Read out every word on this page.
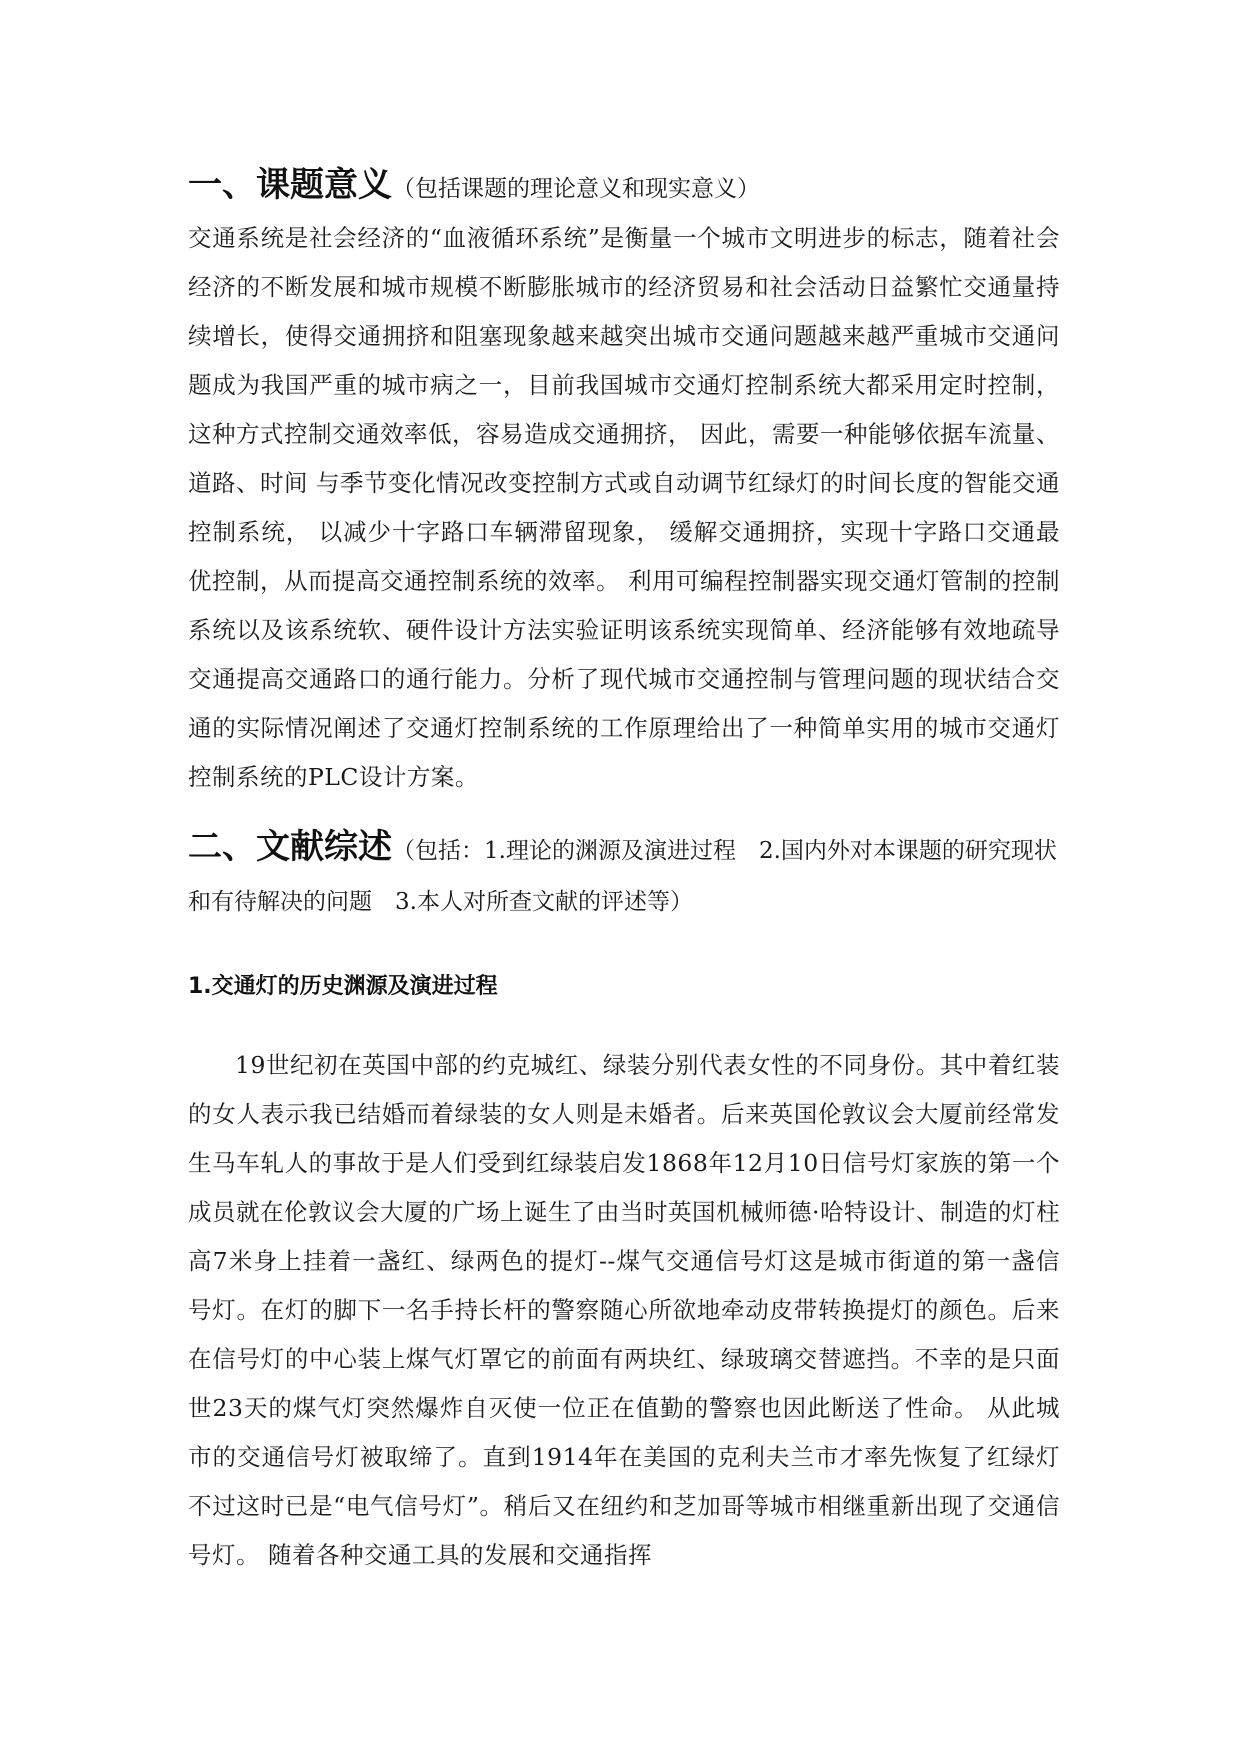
一、课题意义（包括课题的理论意义和现实意义）

交通系统是社会经济的“血液循环系统”是衡量一个城市文明进步的标志，随着社会经济的不断发展和城市规模不断膨胀城市的经济贸易和社会活动日益繁忙交通量持续增长，使得交通拥挤和阻塞现象越来越突出城市交通问题越来越严重城市交通问题成为我国严重的城市病之一，目前我国城市交通灯控制系统大都采用定时控制， 这种方式控制交通效率低，容易造成交通拥挤， 因此，需要一种能够依据车流量、道路、时间 与季节变化情况改变控制方式或自动调节红绿灯的时间长度的智能交通控制系统， 以减少十字路口车辆滞留现象， 缓解交通拥挤，实现十字路口交通最优控制，从而提高交通控制系统的效率。 利用可编程控制器实现交通灯管制的控制系统以及该系统软、硬件设计方法实验证明该系统实现简单、经济能够有效地疏导交通提高交通路口的通行能力。分析了现代城市交通控制与管理问题的现状结合交通的实际情况阐述了交通灯控制系统的工作原理给出了一种简单实用的城市交通灯控制系统的PLC设计方案。

二、文献综述（包括：1.理论的渊源及演进过程　2.国内外对本课题的研究现状和有待解决的问题　3.本人对所查文献的评述等）
1.交通灯的历史渊源及演进过程

19世纪初在英国中部的约克城红、绿装分别代表女性的不同身份。其中着红装的女人表示我已结婚而着绿装的女人则是未婚者。后来英国伦敦议会大厦前经常发生马车轧人的事故于是人们受到红绿装启发1868年12月10日信号灯家族的第一个成员就在伦敦议会大厦的广场上诞生了由当时英国机械师德·哈特设计、制造的灯柱高7米身上挂着一盏红、绿两色的提灯--煤气交通信号灯这是城市街道的第一盏信号灯。在灯的脚下一名手持长杆的警察随心所欲地牵动皮带转换提灯的颜色。后来在信号灯的中心装上煤气灯罩它的前面有两块红、绿玻璃交替遮挡。不幸的是只面世23天的煤气灯突然爆炸自灭使一位正在值勤的警察也因此断送了性命。 从此城市的交通信号灯被取缔了。直到1914年在美国的克利夫兰市才率先恢复了红绿灯不过这时已是“电气信号灯”。稍后又在纽约和芝加哥等城市相继重新出现了交通信号灯。 随着各种交通工具的发展和交通指挥
